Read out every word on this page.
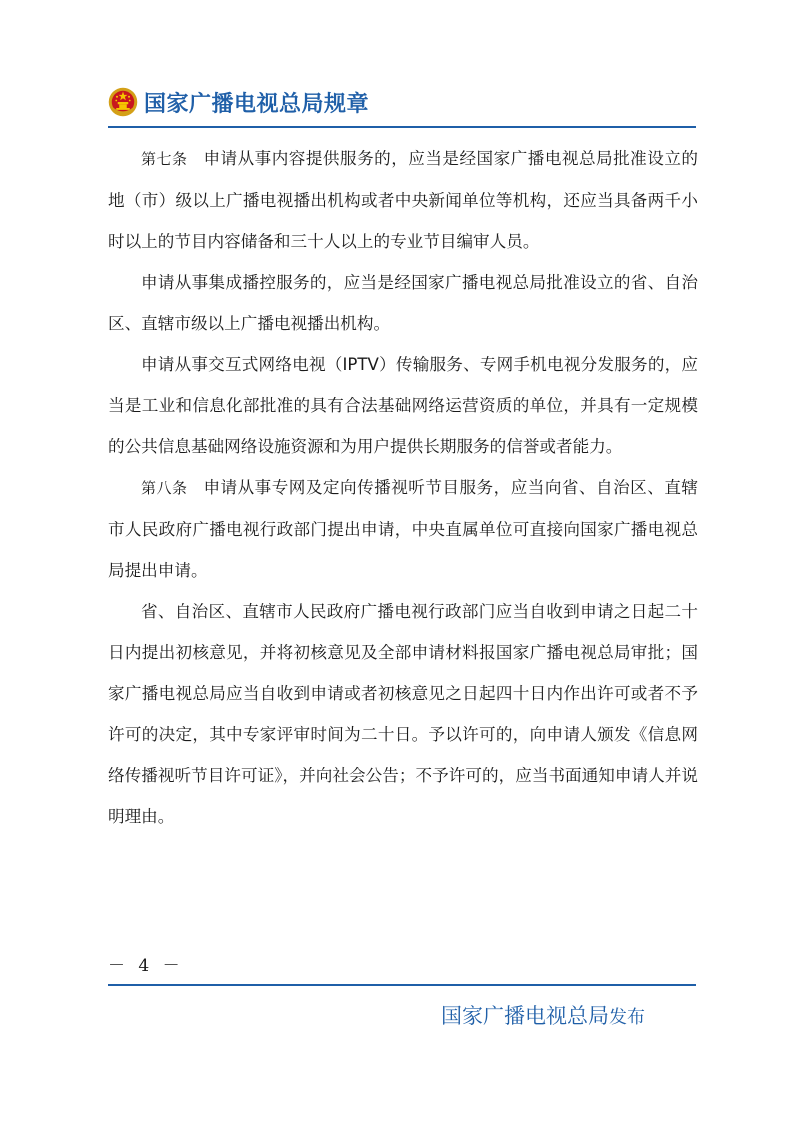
国家广播电视总局规章

第七条 申请从事内容提供服务的，应当是经国家广播电视总局批准设立的地（市）级以上广播电视播出机构或者中央新闻单位等机构，还应当具备两千小时以上的节目内容储备和三十人以上的专业节目编审人员。

申请从事集成播控服务的，应当是经国家广播电视总局批准设立的省、自治区、直辖市级以上广播电视播出机构。

申请从事交互式网络电视（IPTV）传输服务、专网手机电视分发服务的，应当是工业和信息化部批准的具有合法基础网络运营资质的单位，并具有一定规模的公共信息基础网络设施资源和为用户提供长期服务的信誉或者能力。

第八条 申请从事专网及定向传播视听节目服务，应当向省、自治区、直辖市人民政府广播电视行政部门提出申请，中央直属单位可直接向国家广播电视总局提出申请。

省、自治区、直辖市人民政府广播电视行政部门应当自收到申请之日起二十日内提出初核意见，并将初核意见及全部申请材料报国家广播电视总局审批；国家广播电视总局应当自收到申请或者初核意见之日起四十日内作出许可或者不予许可的决定，其中专家评审时间为二十日。予以许可的，向申请人颁发《信息网络传播视听节目许可证》，并向社会公告；不予许可的，应当书面通知申请人并说明理由。

－ 4 －
国家广播电视总局发布
